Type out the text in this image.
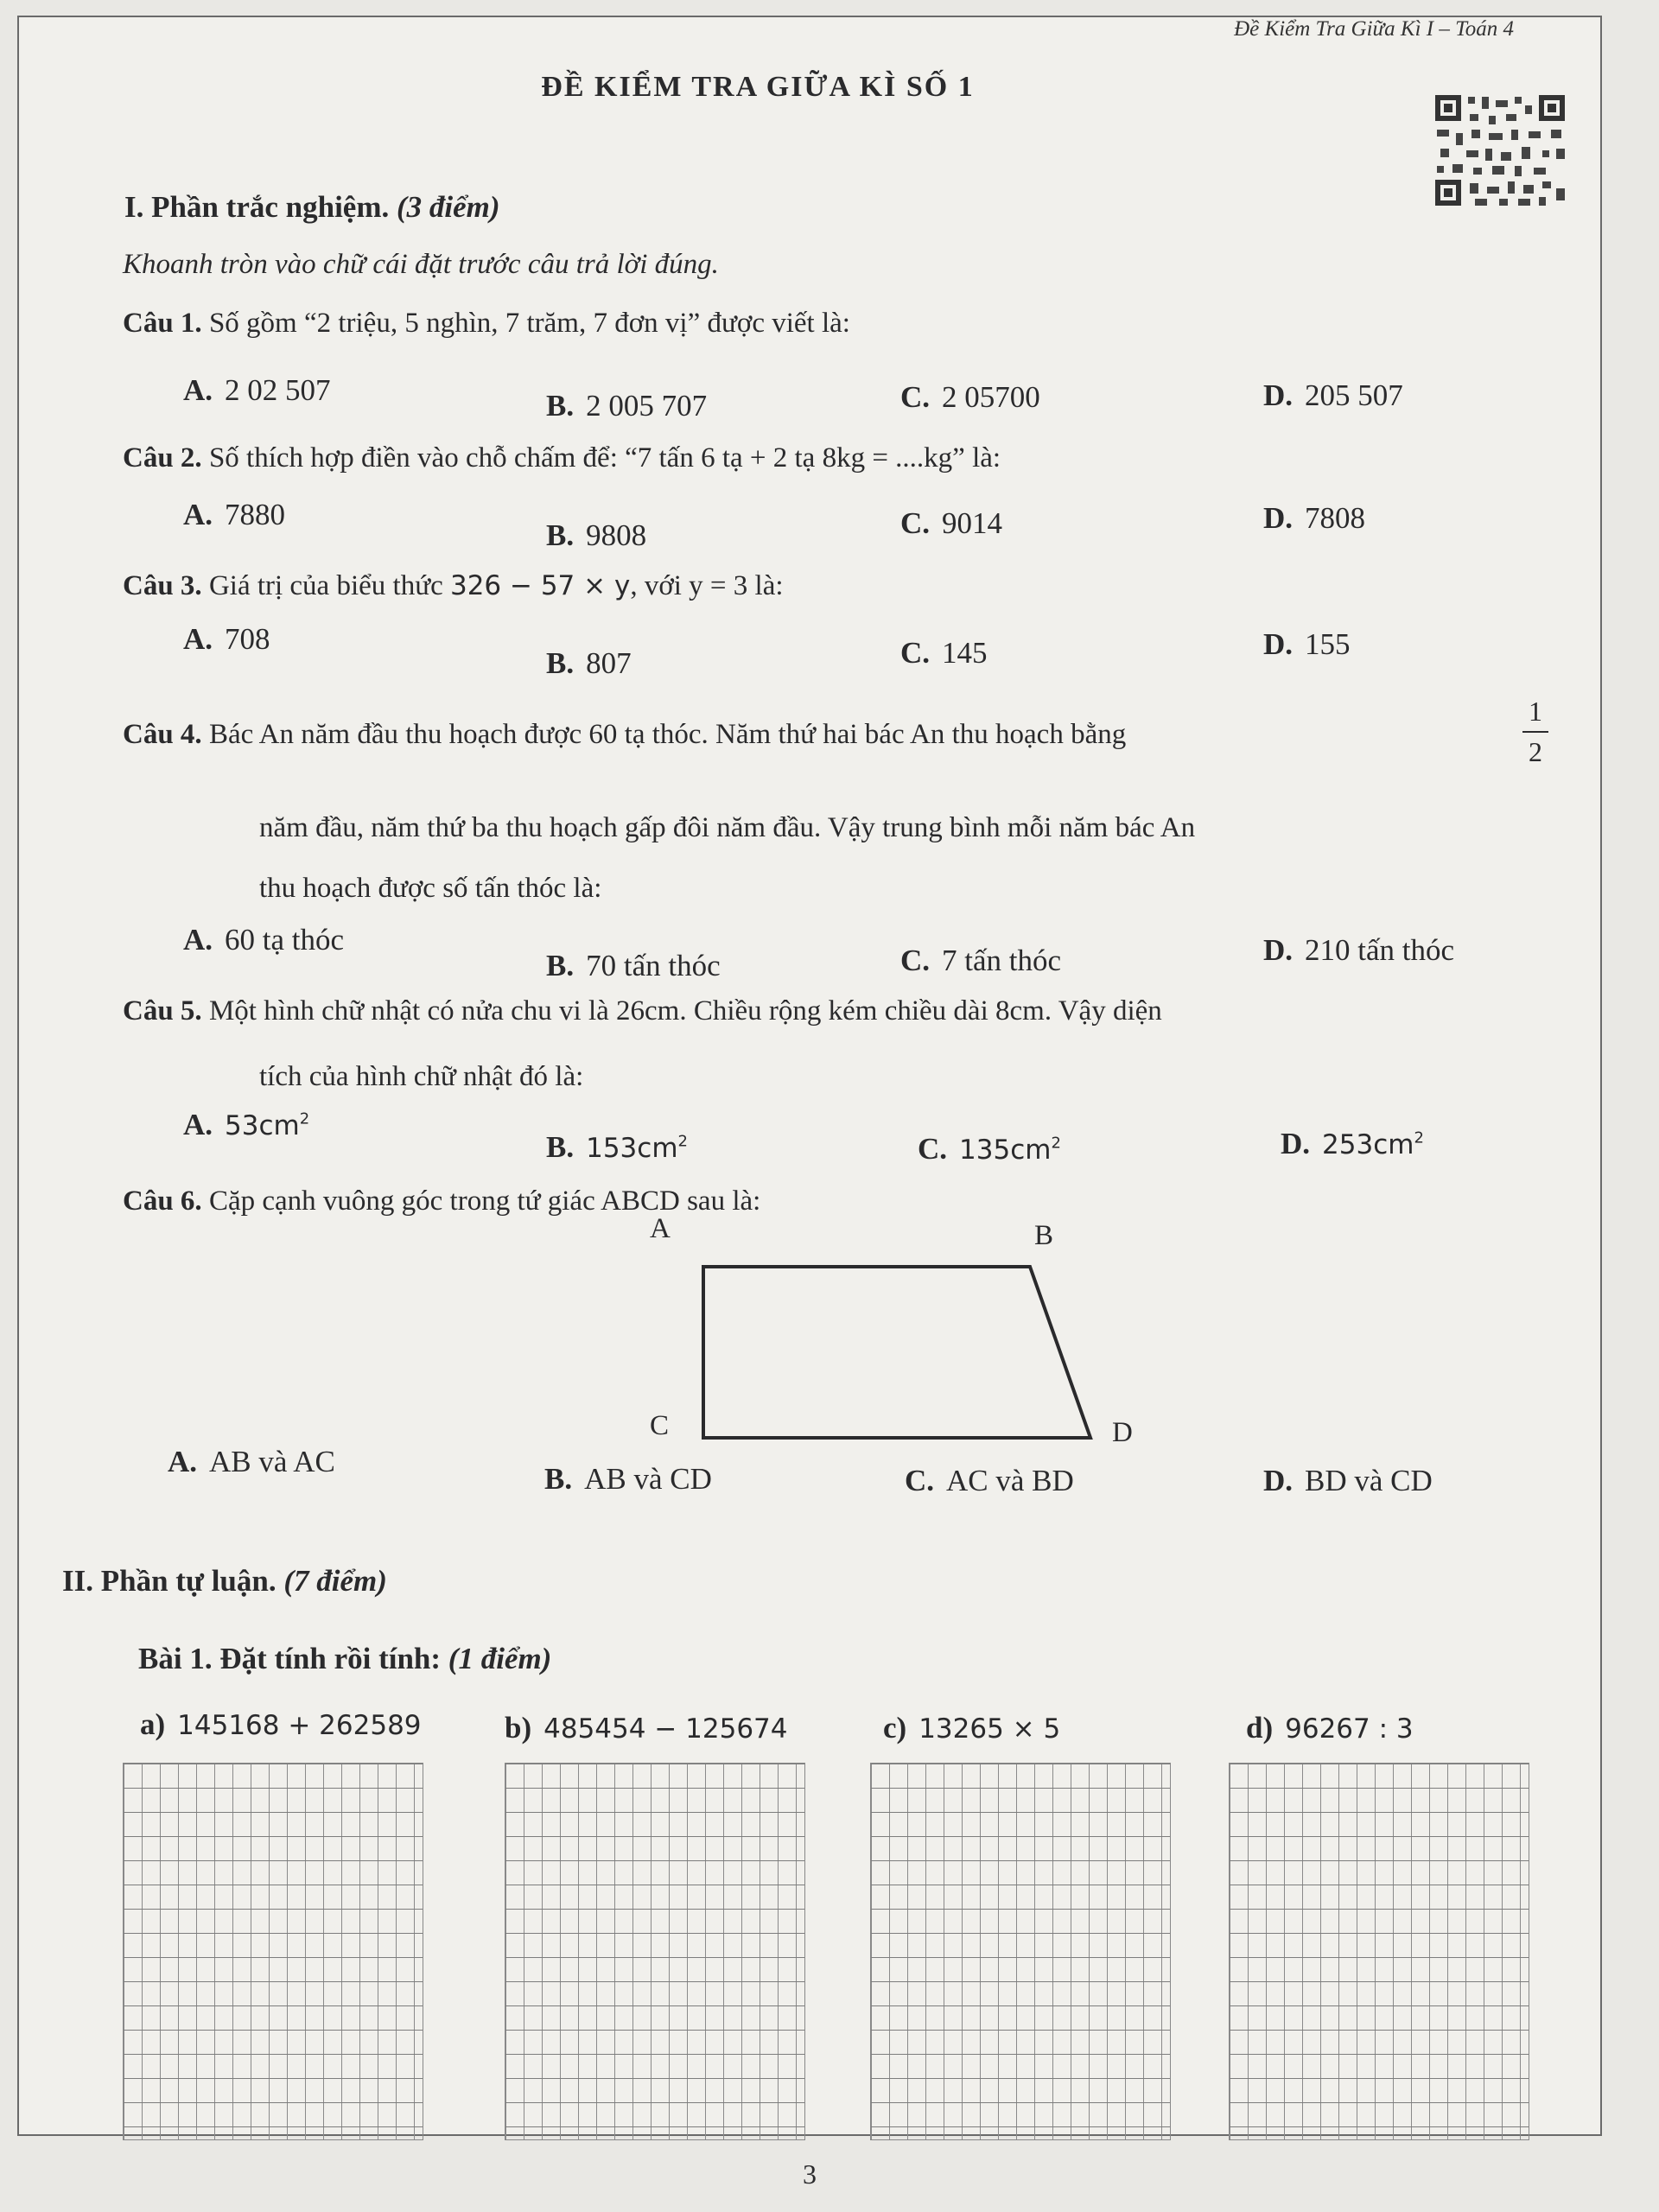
Đề Kiểm Tra Giữa Kì I – Toán 4
ĐỀ KIỂM TRA GIỮA KÌ SỐ 1
I. Phần trắc nghiệm. (3 điểm)
Khoanh tròn vào chữ cái đặt trước câu trả lời đúng.
Câu 1. Số gồm “2 triệu, 5 nghìn, 7 trăm, 7 đơn vị” được viết là:
A. 2 02 507	B. 2 005 707	C. 2 05700	D. 205 507
Câu 2. Số thích hợp điền vào chỗ chấm để: “7 tấn 6 tạ + 2 tạ 8kg = ....kg” là:
A. 7880
B. 9808	C. 9014	D. 7808
Câu 3. Giá trị của biểu thức 326 − 57 × y, với y = 3 là:
A. 708
B. 807	C. 145	D. 155
Câu 4. Bác An năm đầu thu hoạch được 60 tạ thóc. Năm thứ hai bác An thu hoạch bằng
1
2
năm đầu, năm thứ ba thu hoạch gấp đôi năm đầu. Vậy trung bình mỗi năm bác An
thu hoạch được số tấn thóc là:
A. 60 tạ thóc
B. 70 tấn thóc	C. 7 tấn thóc	D. 210 tấn thóc
Câu 5. Một hình chữ nhật có nửa chu vi là 26cm. Chiều rộng kém chiều dài 8cm. Vậy diện
tích của hình chữ nhật đó là:
A. $53cm^2$
B. $153cm^2$	C. $135cm^2$	D. $253cm^2$
Câu 6. Cặp cạnh vuông góc trong tứ giác ABCD sau là:
A	B
C	D
A. AB và AC
B. AB và CD	C. AC và BD	D. BD và CD
II. Phần tự luận. (7 điểm)
Bài 1. Đặt tính rồi tính: (1 điểm)
a) 145168 + 262589	b) 485454 − 125674	c) 13265 × 5	d) 96267 : 3
3
